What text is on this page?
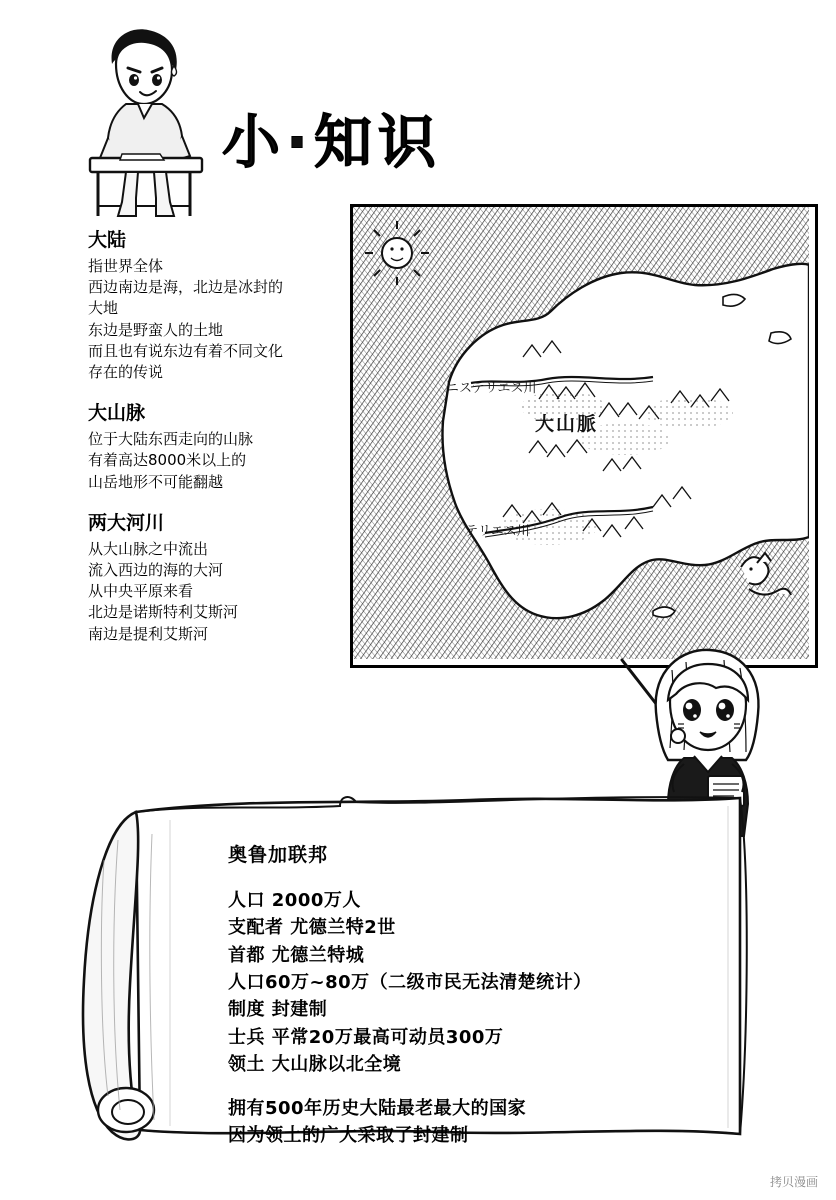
小·知识
大陆
指世界全体
西边南边是海，北边是冰封的
大地
东边是野蛮人的土地
而且也有说东边有着不同文化
存在的传说
大山脉
位于大陆东西走向的山脉
有着高达8000米以上的
山岳地形不可能翻越
两大河川
从大山脉之中流出
流入西边的海的大河
从中央平原来看
北边是诺斯特利艾斯河
南边是提利艾斯河
ニステリエス川
大山脈
テリエス川
奥鲁加联邦
人口 2000万人
支配者 尤德兰特2世
首都 尤德兰特城
人口60万~80万（二级市民无法清楚统计）
制度 封建制
士兵 平常20万最高可动员300万
领土 大山脉以北全境
拥有500年历史大陆最老最大的国家
因为领土的广大采取了封建制
拷贝漫画
